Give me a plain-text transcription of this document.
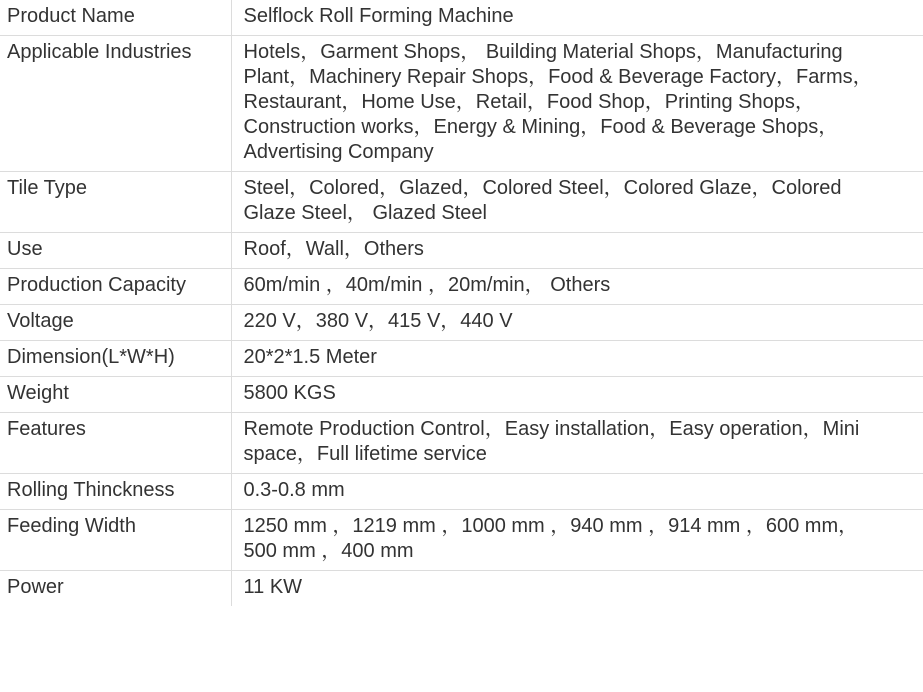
Product Name	Selflock Roll Forming Machine
Applicable Industries	Hotels，Garment Shops， Building Material Shops，Manufacturing Plant，Machinery Repair Shops，Food & Beverage Factory，Farms，Restaurant，Home Use，Retail，Food Shop，Printing Shops，Construction works，Energy & Mining，Food & Beverage Shops，Advertising Company
Tile Type	Steel，Colored，Glazed，Colored Steel，Colored Glaze，Colored Glaze Steel， Glazed Steel
Use	Roof，Wall，Others
Production Capacity	60m/min ，40m/min ，20m/min， Others
Voltage	220 V，380 V，415 V，440 V
Dimension(L*W*H)	20*2*1.5 Meter
Weight	5800 KGS
Features	Remote Production Control，Easy installation，Easy operation，Mini space，Full lifetime service
Rolling Thinckness	0.3-0.8 mm
Feeding Width	1250 mm ，1219 mm ，1000 mm ，940 mm ，914 mm ，600 mm，500 mm ，400 mm
Power	11 KW
